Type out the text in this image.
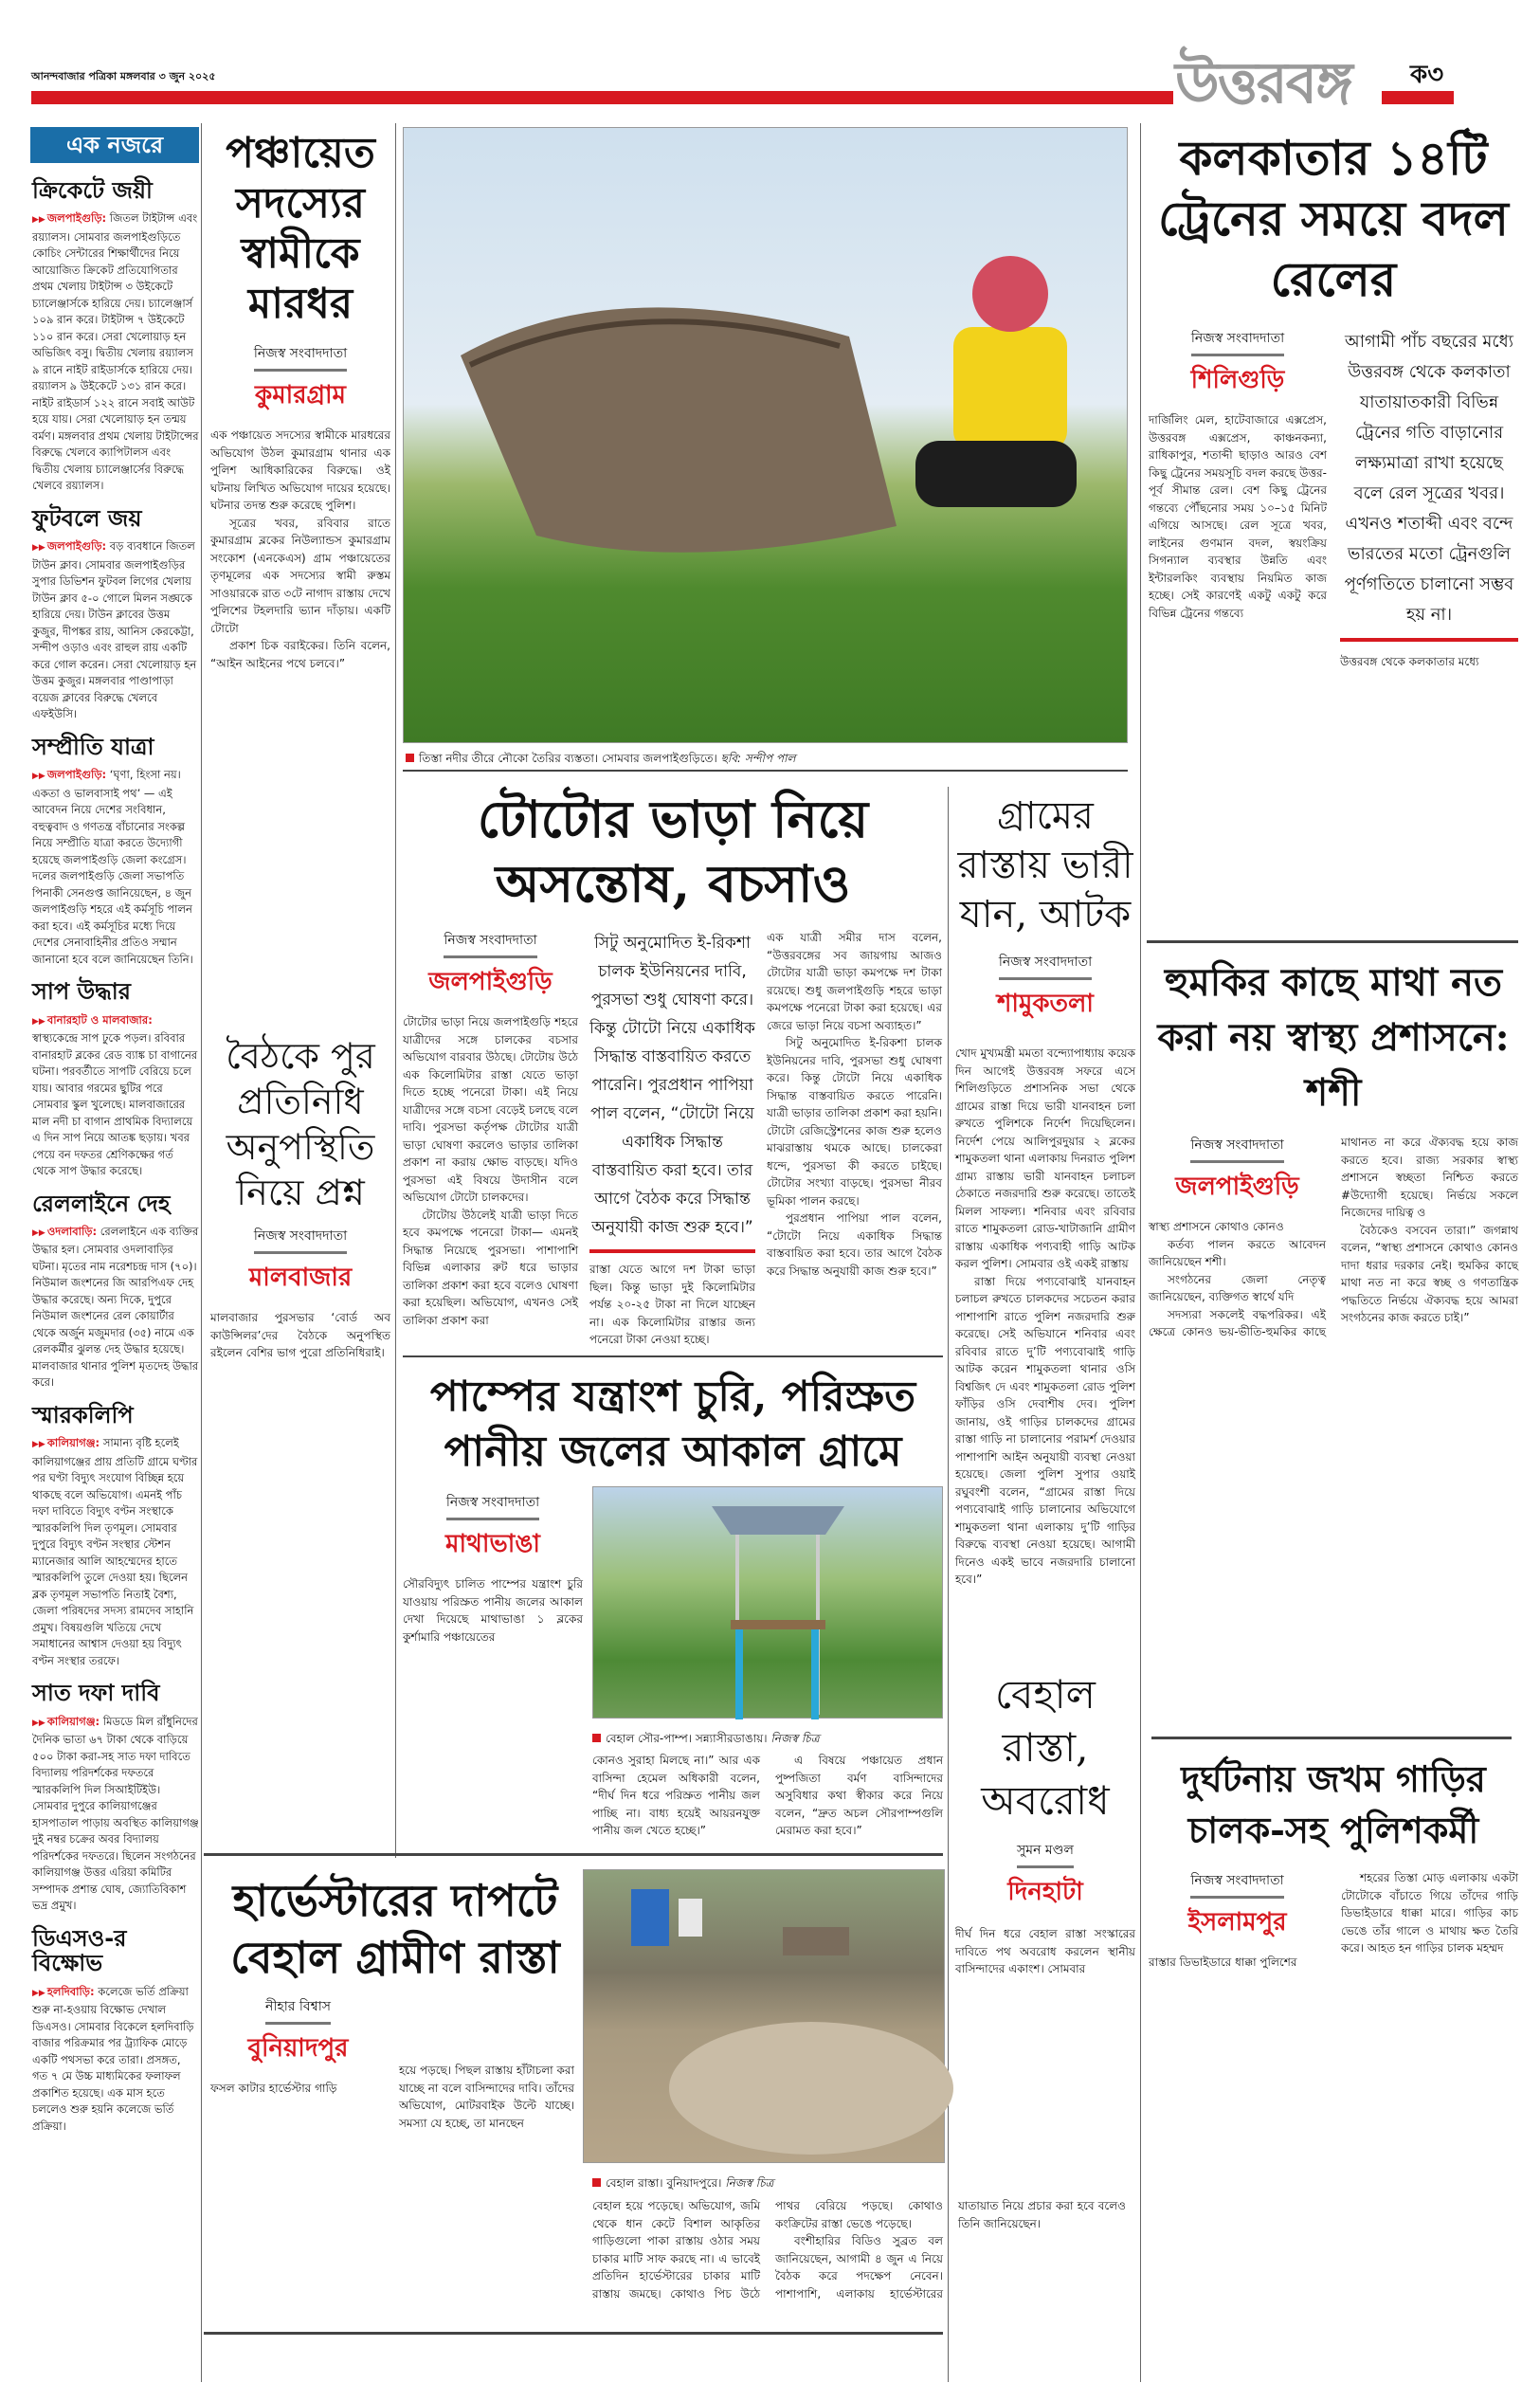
আনন্দবাজার পত্রিকা মঙ্গলবার ৩ জুন ২০২৫	উত্তরবঙ্গ ক৩
এক নজরে
ক্রিকেটে জয়ী

▶▶ জলপাইগুড়ি: জিতল টাইটান্স এবং রয়্যালস। সোমবার জলপাইগুড়িতে কোচিং সেন্টারের শিক্ষার্থীদের নিয়ে আয়োজিত ক্রিকেট প্রতিযোগিতার প্রথম খেলায় টাইটান্স ৩ উইকেটে চ্যালেঞ্জার্সকে হারিয়ে দেয়। চ্যালেঞ্জার্স ১০৯ রান করে। টাইটান্স ৭ উইকেটে ১১০ রান করে। সেরা খেলোয়াড় হন অভিজিৎ বসু। দ্বিতীয় খেলায় রয়্যালস ৯ রানে নাইট রাইডার্সকে হারিয়ে দেয়। রয়্যালস ৯ উইকেটে ১৩১ রান করে। নাইট রাইডার্স ১২২ রানে সবাই আউট হয়ে যায়। সেরা খেলোয়াড় হন তন্ময় বর্মণ। মঙ্গলবার প্রথম খেলায় টাইটান্সের বিরুদ্ধে খেলবে ক্যাপিটালস এবং দ্বিতীয় খেলায় চ্যালেঞ্জার্সের বিরুদ্ধে খেলবে রয়্যালস।

ফুটবলে জয়

▶▶ জলপাইগুড়ি: বড় ব্যবধানে জিতল টাউন ক্লাব। সোমবার জলপাইগুড়ির সুপার ডিভিশন ফুটবল লিগের খেলায় টাউন ক্লাব ৫-০ গোলে মিলন সঙ্ঘকে হারিয়ে দেয়। টাউন ক্লাবের উত্তম কুজুর, দীপঙ্কর রায়, আনিস কেরকেট্টা, সন্দীপ ওড়াও এবং রাহুল রায় একটি করে গোল করেন। সেরা খেলোয়াড় হন উত্তম কুজুর। মঙ্গলবার পাণ্ডাপাড়া বয়েজ ক্লাবের বিরুদ্ধে খেলবে এফইউসি।

সম্প্রীতি যাত্রা

▶▶ জলপাইগুড়ি: ‘ঘৃণা, হিংসা নয়। একতা ও ভালবাসাই পথ’ — এই আবেদন নিয়ে দেশের সংবিধান, বহুত্ববাদ ও গণতন্ত্র বাঁচানোর সংকল্প নিয়ে সম্প্রীতি যাত্রা করতে উদ্যোগী হয়েছে জলপাইগুড়ি জেলা কংগ্রেস। দলের জলপাইগুড়ি জেলা সভাপতি পিনাকী সেনগুপ্ত জানিয়েছেন, ৪ জুন জলপাইগুড়ি শহরে এই কর্মসূচি পালন করা হবে। এই কর্মসূচির মধ্যে দিয়ে দেশের সেনাবাহিনীর প্রতিও সম্মান জানানো হবে বলে জানিয়েছেন তিনি।

সাপ উদ্ধার

▶▶ বানারহাট ও মালবাজার: স্বাস্থ্যকেন্দ্রে সাপ ঢুকে পড়ল। রবিবার বানারহাট ব্লকের রেড ব্যাঙ্ক চা বাগানের ঘটনা। পরবর্তীতে সাপটি বেরিয়ে চলে যায়। আবার গরমের ছুটির পরে সোমবার স্কুল খুলেছে। মালবাজারের মাল নদী চা বাগান প্রাথমিক বিদ্যালয়ে এ দিন সাপ নিয়ে আতঙ্ক ছড়ায়। খবর পেয়ে বন দফতর শ্রেণিকক্ষের গর্ত থেকে সাপ উদ্ধার করেছে।

রেললাইনে দেহ

▶▶ ওদলাবাড়ি: রেললাইনে এক ব্যক্তির উদ্ধার হল। সোমবার ওদলাবাড়ির ঘটনা। মৃতের নাম নরেশচন্দ্র দাস (৭০)। নিউমাল জংশনের জি আরপিএফ দেহ উদ্ধার করেছে। অন্য দিকে, দুপুরে নিউমাল জংশনের রেল কোয়ার্টার থেকে অর্জুন মজুমদার (৩৫) নামে এক রেলকর্মীর ঝুলন্ত দেহ উদ্ধার হয়েছে। মালবাজার থানার পুলিশ মৃতদেহ উদ্ধার করে।

স্মারকলিপি

▶▶ কালিয়াগঞ্জ: সামান্য বৃষ্টি হলেই কালিয়াগঞ্জের প্রায় প্রতিটি গ্রামে ঘণ্টার পর ঘণ্টা বিদ্যুৎ সংযোগ বিচ্ছিন্ন হয়ে থাকছে বলে অভিযোগ। এমনই পাঁচ দফা দাবিতে বিদ্যুৎ বণ্টন সংস্থাকে স্মারকলিপি দিল তৃণমূল। সোমবার দুপুরে বিদ্যুৎ বণ্টন সংস্থার স্টেশন ম্যানেজার আলি আহম্মেদের হাতে স্মারকলিপি তুলে দেওয়া হয়। ছিলেন ব্লক তৃণমূল সভাপতি নিতাই বৈশ্য, জেলা পরিষদের সদস্য রামদেব সাহানি প্রমুখ। বিষয়গুলি খতিয়ে দেখে সমাধানের আশ্বাস দেওয়া হয় বিদ্যুৎ বণ্টন সংস্থার তরফে।

সাত দফা দাবি

▶▶ কালিয়াগঞ্জ: মিডডে মিল রাঁধুনিদের দৈনিক ভাতা ৬৭ টাকা থেকে বাড়িয়ে ৫০০ টাকা করা-সহ সাত দফা দাবিতে বিদ্যালয় পরিদর্শকের দফতরে স্মারকলিপি দিল সিআইটিইউ। সোমবার দুপুরে কালিয়াগঞ্জের হাসপাতাল পাড়ায় অবস্থিত কালিয়াগঞ্জ দুই নম্বর চক্রের অবর বিদ্যালয় পরিদর্শকের দফতরে। ছিলেন সংগঠনের কালিয়াগঞ্জ উত্তর এরিয়া কমিটির সম্পাদক প্রশান্ত ঘোষ, জ্যোতিবিকাশ ভদ্র প্রমুখ।

ডিএসও-র বিক্ষোভ

▶▶ হলদিবাড়ি: কলেজে ভর্তি প্রক্রিয়া শুরু না-হওয়ায় বিক্ষোভ দেখাল ডিএসও। সোমবার বিকেলে হলদিবাড়ি বাজার পরিক্রমার পর ট্র্যাফিক মোড়ে একটি পথসভা করে তারা। প্রসঙ্গত, গত ৭ মে উচ্চ মাধ্যমিকের ফলাফল প্রকাশিত হয়েছে। এক মাস হতে চললেও শুরু হয়নি কলেজে ভর্তি প্রক্রিয়া।

পঞ্চায়েত সদস্যের স্বামীকে মারধর
নিজস্ব সংবাদদাতা
কুমারগ্রাম

এক পঞ্চায়েত সদস্যের স্বামীকে মারধরের অভিযোগ উঠল কুমারগ্রাম থানার এক পুলিশ আধিকারিকের বিরুদ্ধে। ওই ঘটনায় লিখিত অভিযোগ দায়ের হয়েছে। ঘটনার তদন্ত শুরু করেছে পুলিশ।

সূত্রের খবর, রবিবার রাতে কুমারগ্রাম ব্লকের নিউল্যান্ডস কুমারগ্রাম সংকোশ (এনকেএস) গ্রাম পঞ্চায়েতের তৃণমূলের এক সদস্যের স্বামী রুস্তম সাওয়ারকে রাত ৩টে নাগাদ রাস্তায় দেখে পুলিশের টহলদারি ভ্যান দাঁড়ায়। একটি টোটো

প্রকাশ চিক বরাইকের। তিনি বলেন, “আইন আইনের পথে চলবে।”

বৈঠকে পুর প্রতিনিধি অনুপস্থিতি নিয়ে প্রশ্ন
নিজস্ব সংবাদদাতা
মালবাজার

মালবাজার পুরসভার ‘বোর্ড অব কাউন্সিলর’দের বৈঠকে অনুপস্থিত রইলেন বেশির ভাগ পুরো প্রতিনিধিরাই।

তিস্তা নদীর তীরে নৌকো তৈরির ব্যস্ততা। সোমবার জলপাইগুড়িতে। ছবি: সন্দীপ পাল
টোটোর ভাড়া নিয়ে অসন্তোষ, বচসাও
নিজস্ব সংবাদদাতা
জলপাইগুড়ি

টোটোর ভাড়া নিয়ে জলপাইগুড়ি শহরে যাত্রীদের সঙ্গে চালকের বচসার অভিযোগ বারবার উঠছে। টোটোয় উঠে এক কিলোমিটার রাস্তা যেতে ভাড়া দিতে হচ্ছে পনেরো টাকা। এই নিয়ে যাত্রীদের সঙ্গে বচসা বেড়েই চলছে বলে দাবি। পুরসভা কর্তৃপক্ষ টোটোর যাত্রী ভাড়া ঘোষণা করলেও ভাড়ার তালিকা প্রকাশ না করায় ক্ষোভ বাড়ছে। যদিও পুরসভা এই বিষয়ে উদাসীন বলে অভিযোগ টোটো চালকদের।

টোটোয় উঠলেই যাত্রী ভাড়া দিতে হবে কমপক্ষে পনেরো টাকা— এমনই সিদ্ধান্ত নিয়েছে পুরসভা। পাশাপাশি বিভিন্ন এলাকার রুট ধরে ভাড়ার তালিকা প্রকাশ করা হবে বলেও ঘোষণা করা হয়েছিল। অভিযোগ, এখনও সেই তালিকা প্রকাশ করা

সিটু অনুমোদিত ই-রিকশা চালক ইউনিয়নের দাবি, পুরসভা শুধু ঘোষণা করে। কিন্তু টোটো নিয়ে একাধিক সিদ্ধান্ত বাস্তবায়িত করতে পারেনি। পুরপ্রধান পাপিয়া পাল বলেন, “টোটো নিয়ে একাধিক সিদ্ধান্ত বাস্তবায়িত করা হবে। তার আগে বৈঠক করে সিদ্ধান্ত অনুযায়ী কাজ শুরু হবে।”

রাস্তা যেতে আগে দশ টাকা ভাড়া ছিল। কিন্তু ভাড়া দুই কিলোমিটার পর্যন্ত ২০-২৫ টাকা না দিলে যাচ্ছেন না। এক কিলোমিটার রাস্তার জন্য পনেরো টাকা নেওয়া হচ্ছে।

এক যাত্রী সমীর দাস বলেন, “উত্তরবঙ্গের সব জায়গায় আজও টোটোর যাত্রী ভাড়া কমপক্ষে দশ টাকা রয়েছে। শুধু জলপাইগুড়ি শহরে ভাড়া কমপক্ষে পনেরো টাকা করা হয়েছে। এর জেরে ভাড়া নিয়ে বচসা অব্যাহত।”

সিটু অনুমোদিত ই-রিকশা চালক ইউনিয়নের দাবি, পুরসভা শুধু ঘোষণা করে। কিন্তু টোটো নিয়ে একাধিক সিদ্ধান্ত বাস্তবায়িত করতে পারেনি। যাত্রী ভাড়ার তালিকা প্রকাশ করা হয়নি। টোটো রেজিস্ট্রেশনের কাজ শুরু হলেও মাঝরাস্তায় থমকে আছে। চালকেরা ধন্দে, পুরসভা কী করতে চাইছে। টোটোর সংখ্যা বাড়ছে। পুরসভা নীরব ভূমিকা পালন করছে।

পুরপ্রধান পাপিয়া পাল বলেন, “টোটো নিয়ে একাধিক সিদ্ধান্ত বাস্তবায়িত করা হবে। তার আগে বৈঠক করে সিদ্ধান্ত অনুযায়ী কাজ শুরু হবে।”

গ্রামের রাস্তায় ভারী যান, আটক
নিজস্ব সংবাদদাতা
শামুকতলা

খোদ মুখ্যমন্ত্রী মমতা বন্দ্যোপাধ্যায় কয়েক দিন আগেই উত্তরবঙ্গ সফরে এসে শিলিগুড়িতে প্রশাসনিক সভা থেকে গ্রামের রাস্তা দিয়ে ভারী যানবাহন চলা রুখতে পুলিশকে নির্দেশ দিয়েছিলেন। নির্দেশ পেয়ে আলিপুরদুয়ার ২ ব্লকের শামুকতলা থানা এলাকায় দিনরাত পুলিশ গ্রাম্য রাস্তায় ভারী যানবাহন চলাচল ঠেকাতে নজরদারি শুরু করেছে। তাতেই মিলল সাফল্য। শনিবার এবং রবিবার রাতে শামুকতলা রোড-খাটাজানি গ্রামীণ রাস্তায় একাধিক পণ্যবাহী গাড়ি আটক করল পুলিশ। সোমবার ওই একই রাস্তায়

রাস্তা দিয়ে পণ্যবোঝাই যানবাহন চলাচল রুখতে চালকদের সচেতন করার পাশাপাশি রাতে পুলিশ নজরদারি শুরু করেছে। সেই অভিযানে শনিবার এবং রবিবার রাতে দু’টি পণ্যবোঝাই গাড়ি আটক করেন শামুকতলা থানার ওসি বিশ্বজিৎ দে এবং শামুকতলা রোড পুলিশ ফাঁড়ির ওসি দেবাশীষ দেব। পুলিশ জানায়, ওই গাড়ির চালকদের গ্রামের রাস্তা গাড়ি না চালানোর পরামর্শ দেওয়ার পাশাপাশি আইন অনুযায়ী ব্যবস্থা নেওয়া হয়েছে। জেলা পুলিশ সুপার ওয়াই রঘুবংশী বলেন, “গ্রামের রাস্তা দিয়ে পণ্যবোঝাই গাড়ি চালানোর অভিযোগে শামুকতলা থানা এলাকায় দু’টি গাড়ির বিরুদ্ধে ব্যবস্থা নেওয়া হয়েছে। আগামী দিনেও একই ভাবে নজরদারি চালানো হবে।”

পাম্পের যন্ত্রাংশ চুরি, পরিস্রুত পানীয় জলের আকাল গ্রামে
নিজস্ব সংবাদদাতা
মাথাভাঙা

সৌরবিদ্যুৎ চালিত পাম্পের যন্ত্রাংশ চুরি যাওয়ায় পরিস্রুত পানীয় জলের আকাল দেখা দিয়েছে মাথাভাঙা ১ ব্লকের কুর্শামারি পঞ্চায়েতের

বেহাল সৌর-পাম্প। সন্ন্যাসীরডাঙায়। নিজস্ব চিত্র

কোনও সুরাহা মিলছে না।” আর এক বাসিন্দা হেমেল অধিকারী বলেন, “দীর্ঘ দিন ধরে পরিস্রুত পানীয় জল পাচ্ছি না। বাধ্য হয়েই আয়রনযুক্ত পানীয় জল খেতে হচ্ছে।”

এ বিষয়ে পঞ্চায়েত প্রধান পুষ্পজিতা বর্মণ বাসিন্দাদের অসুবিধার কথা স্বীকার করে নিয়ে বলেন, “দ্রুত অচল সৌরপাম্পগুলি মেরামত করা হবে।”

বেহাল রাস্তা, অবরোধ
সুমন মণ্ডল
দিনহাটা

দীর্ঘ দিন ধরে বেহাল রাস্তা সংস্কারের দাবিতে পথ অবরোধ করলেন স্থানীয় বাসিন্দাদের একাংশ। সোমবার

হার্ভেস্টারের দাপটে বেহাল গ্রামীণ রাস্তা
নীহার বিশ্বাস
বুনিয়াদপুর

ফসল কাটার হার্ভেস্টার গাড়ি

হয়ে পড়ছে। পিছল রাস্তায় হাঁটাচলা করা যাচ্ছে না বলে বাসিন্দাদের দাবি। তাঁদের অভিযোগ, মোটরবাইক উল্টে যাচ্ছে। সমস্যা যে হচ্ছে, তা মানছেন

বেহাল রাস্তা। বুনিয়াদপুরে। নিজস্ব চিত্র

বেহাল হয়ে পড়েছে। অভিযোগ, জমি থেকে ধান কেটে বিশাল আকৃতির গাড়িগুলো পাকা রাস্তায় ওঠার সময় চাকার মাটি সাফ করছে না। এ ভাবেই প্রতিদিন হার্ভেস্টারের চাকার মাটি রাস্তায় জমছে। কোথাও পিচ উঠে পাথর বেরিয়ে পড়ছে। কোথাও কংক্রিটের রাস্তা ভেঙে পড়েছে।

বংশীহারির বিডিও সুব্রত বল জানিয়েছেন, আগামী ৪ জুন এ নিয়ে বৈঠক করে পদক্ষেপ নেবেন। পাশাপাশি, এলাকায় হার্ভেস্টারের যাতায়াত নিয়ে প্রচার করা হবে বলেও তিনি জানিয়েছেন।

কলকাতার ১৪টি ট্রেনের সময়ে বদল রেলের
নিজস্ব সংবাদদাতা
শিলিগুড়ি

দার্জিলিং মেল, হাটেবাজারে এক্সপ্রেস, উত্তরবঙ্গ এক্সপ্রেস, কাঞ্চনকন্যা, রাধিকাপুর, শতাব্দী ছাড়াও আরও বেশ কিছু ট্রেনের সময়সূচি বদল করছে উত্তর-পূর্ব সীমান্ত রেল। বেশ কিছু ট্রেনের গন্তব্যে পৌঁছনোর সময় ১০–১৫ মিনিট এগিয়ে আসছে। রেল সূত্রে খবর, লাইনের গুণমান বদল, স্বয়ংক্রিয় সিগন্যাল ব্যবস্থার উন্নতি এবং ইন্টারলকিং ব্যবস্থায় নিয়মিত কাজ হচ্ছে। সেই কারণেই একটু একটু করে বিভিন্ন ট্রেনের গন্তব্যে

আগামী পাঁচ বছরের মধ্যে উত্তরবঙ্গ থেকে কলকাতা যাতায়াতকারী বিভিন্ন ট্রেনের গতি বাড়ানোর লক্ষ্যমাত্রা রাখা হয়েছে বলে রেল সূত্রের খবর। এখনও শতাব্দী এবং বন্দে ভারতের মতো ট্রেনগুলি পূর্ণগতিতে চালানো সম্ভব হয় না।

উত্তরবঙ্গ থেকে কলকাতার মধ্যে

হুমকির কাছে মাথা নত করা নয় স্বাস্থ্য প্রশাসনে: শশী
নিজস্ব সংবাদদাতা
জলপাইগুড়ি

স্বাস্থ্য প্রশাসনে কোথাও কোনও

কর্তব্য পালন করতে আবেদন জানিয়েছেন শশী।

সংগঠনের জেলা নেতৃত্ব জানিয়েছেন, ব্যক্তিগত স্বার্থে যদি

সদস্যরা সকলেই বদ্ধপরিকর। এই ক্ষেত্রে কোনও ভয়-ভীতি-হুমকির কাছে মাথানত না করে ঐক্যবদ্ধ হয়ে কাজ করতে হবে। রাজ্য সরকার স্বাস্থ্য প্রশাসনে স্বচ্ছতা নিশ্চিত করতে #উদ্যোগী হয়েছে। নির্ভয়ে সকলে নিজেদের দায়িত্ব ও

বৈঠকেও বসবেন তারা।” জগন্নাথ বলেন, “স্বাস্থ্য প্রশাসনে কোথাও কোনও দাদা ধরার দরকার নেই। হুমকির কাছে মাথা নত না করে স্বচ্ছ ও গণতান্ত্রিক পদ্ধতিতে নির্ভয়ে ঐক্যবদ্ধ হয়ে আমরা সংগঠনের কাজ করতে চাই।”

দুর্ঘটনায় জখম গাড়ির চালক-সহ পুলিশকর্মী
নিজস্ব সংবাদদাতা
ইসলামপুর

রাস্তার ডিভাইডারে ধাক্কা পুলিশের

শহরের তিস্তা মোড় এলাকায় একটা টোটোকে বাঁচাতে গিয়ে তাঁদের গাড়ি ডিভাইডারে ধাক্কা মারে। গাড়ির কাচ ভেঙে তাঁর গালে ও মাথায় ক্ষত তৈরি করে। আহত হন গাড়ির চালক মহম্মদ
